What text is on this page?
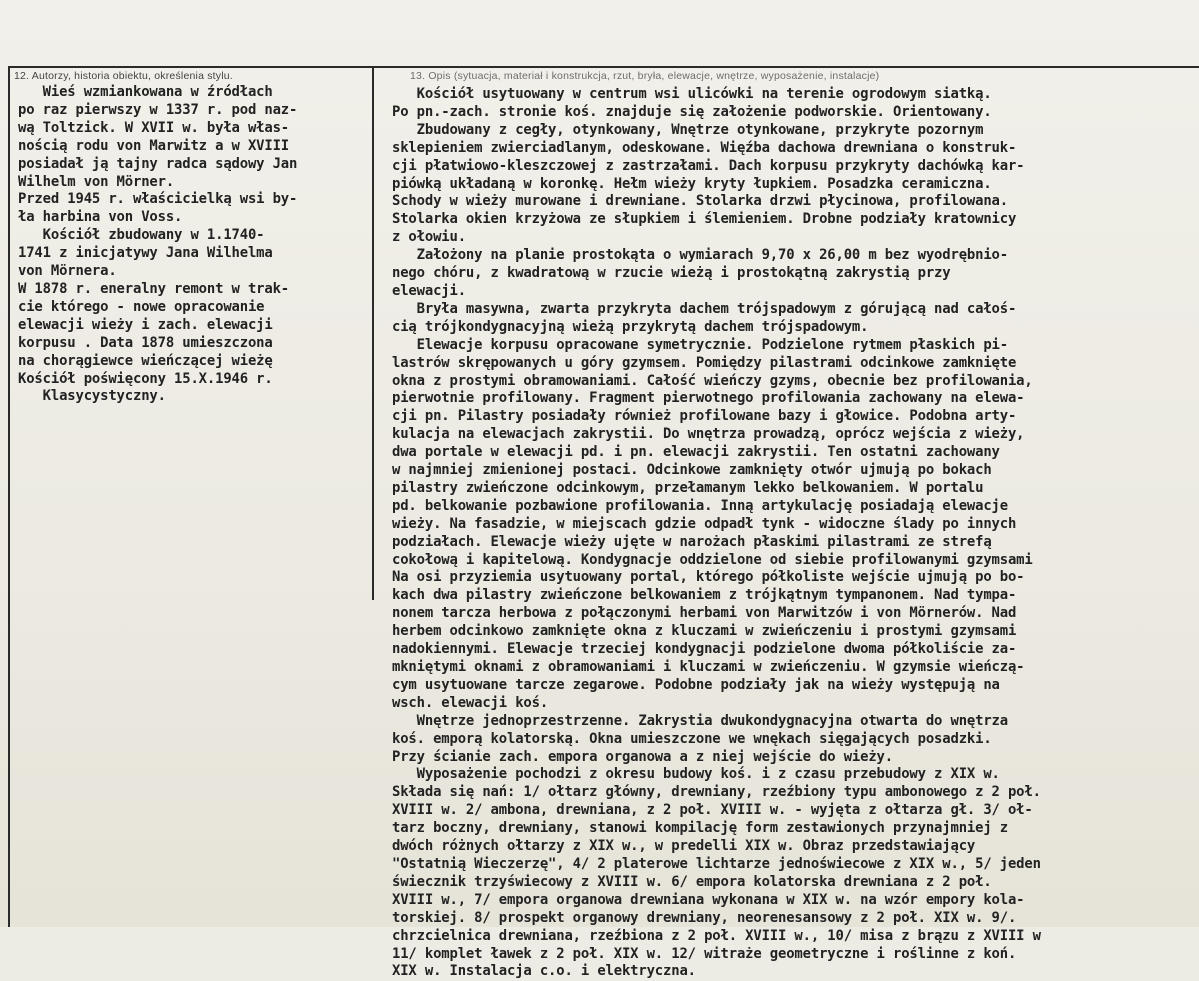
12. Autorzy, historia obiektu, określenia stylu.	13. Opis (sytuacja, materiał i konstrukcja, rzut, bryła, elewacje, wnętrze, wyposażenie, instalacje)
Wieś wzmiankowana w źródłach
po raz pierwszy w 1337 r. pod naz-
wą Toltzick. W XVII w. była włas-
nością rodu von Marwitz a w XVIII
posiadał ją tajny radca sądowy Jan
Wilhelm von Mörner.
Przed 1945 r. właścicielką wsi by-
ła harbina von Voss.
Kościół zbudowany w 1.1740-
1741 z inicjatywy Jana Wilhelma
von Mörnera.
W 1878 r. eneralny remont w trak-
cie którego - nowe opracowanie
elewacji wieży i zach. elewacji
korpusu . Data 1878 umieszczona
na chorągiewce wieńczącej wieżę
Kościół poświęcony 15.X.1946 r.
Klasycystyczny.
Kościół usytuowany w centrum wsi ulicówki na terenie ogrodowym siatką.
Po pn.-zach. stronie koś. znajduje się założenie podworskie. Orientowany.
Zbudowany z cegły, otynkowany, Wnętrze otynkowane, przykryte pozornym
sklepieniem zwierciadlanym, odeskowane. Więźba dachowa drewniana o konstruk-
cji płatwiowo-kleszczowej z zastrzałami. Dach korpusu przykryty dachówką kar-
piówką układaną w koronkę. Hełm wieży kryty łupkiem. Posadzka ceramiczna.
Schody w wieży murowane i drewniane. Stolarka drzwi płycinowa, profilowana.
Stolarka okien krzyżowa ze słupkiem i ślemieniem. Drobne podziały kratownicy
z ołowiu.
Założony na planie prostokąta o wymiarach 9,70 x 26,00 m bez wyodrębnio-
nego chóru, z kwadratową w rzucie wieżą i prostokątną zakrystią przy
elewacji.
Bryła masywna, zwarta przykryta dachem trójspadowym z górującą nad całoś-
cią trójkondygnacyjną wieżą przykrytą dachem trójspadowym.
Elewacje korpusu opracowane symetrycznie. Podzielone rytmem płaskich pi-
lastrów skrępowanych u góry gzymsem. Pomiędzy pilastrami odcinkowe zamknięte
okna z prostymi obramowaniami. Całość wieńczy gzyms, obecnie bez profilowania,
pierwotnie profilowany. Fragment pierwotnego profilowania zachowany na elewa-
cji pn. Pilastry posiadały również profilowane bazy i głowice. Podobna arty-
kulacja na elewacjach zakrystii. Do wnętrza prowadzą, oprócz wejścia z wieży,
dwa portale w elewacji pd. i pn. elewacji zakrystii. Ten ostatni zachowany
w najmniej zmienionej postaci. Odcinkowe zamknięty otwór ujmują po bokach
pilastry zwieńczone odcinkowym, przełamanym lekko belkowaniem. W portalu
pd. belkowanie pozbawione profilowania. Inną artykulację posiadają elewacje
wieży. Na fasadzie, w miejscach gdzie odpadł tynk - widoczne ślady po innych
podziałach. Elewacje wieży ujęte w narożach płaskimi pilastrami ze strefą
cokołową i kapitelową. Kondygnacje oddzielone od siebie profilowanymi gzymsami
Na osi przyziemia usytuowany portal, którego półkoliste wejście ujmują po bo-
kach dwa pilastry zwieńczone belkowaniem z trójkątnym tympanonem. Nad tympa-
nonem tarcza herbowa z połączonymi herbami von Marwitzów i von Mörnerów. Nad
herbem odcinkowo zamknięte okna z kluczami w zwieńczeniu i prostymi gzymsami
nadokiennymi. Elewacje trzeciej kondygnacji podzielone dwoma półkoliście za-
mkniętymi oknami z obramowaniami i kluczami w zwieńczeniu. W gzymsie wieńczą-
cym usytuowane tarcze zegarowe. Podobne podziały jak na wieży występują na
wsch. elewacji koś.
Wnętrze jednoprzestrzenne. Zakrystia dwukondygnacyjna otwarta do wnętrza
koś. emporą kolatorską. Okna umieszczone we wnękach sięgających posadzki.
Przy ścianie zach. empora organowa a z niej wejście do wieży.
Wyposażenie pochodzi z okresu budowy koś. i z czasu przebudowy z XIX w.
Składa się nań: 1/ ołtarz główny, drewniany, rzeźbiony typu ambonowego z 2 poł.
XVIII w. 2/ ambona, drewniana, z 2 poł. XVIII w. - wyjęta z ołtarza gł. 3/ oł-
tarz boczny, drewniany, stanowi kompilację form zestawionych przynajmniej z
dwóch różnych ołtarzy z XIX w., w predelli XIX w. Obraz przedstawiający
"Ostatnią Wieczerzę", 4/ 2 platerowe lichtarze jednoświecowe z XIX w., 5/ jeden
świecznik trzyświecowy z XVIII w. 6/ empora kolatorska drewniana z 2 poł.
XVIII w., 7/ empora organowa drewniana wykonana w XIX w. na wzór empory kola-
torskiej. 8/ prospekt organowy drewniany, neorenesansowy z 2 poł. XIX w. 9/.
chrzcielnica drewniana, rzeźbiona z 2 poł. XVIII w., 10/ misa z brązu z XVIII w
11/ komplet ławek z 2 poł. XIX w. 12/ witraże geometryczne i roślinne z koń.
XIX w. Instalacja c.o. i elektryczna.
